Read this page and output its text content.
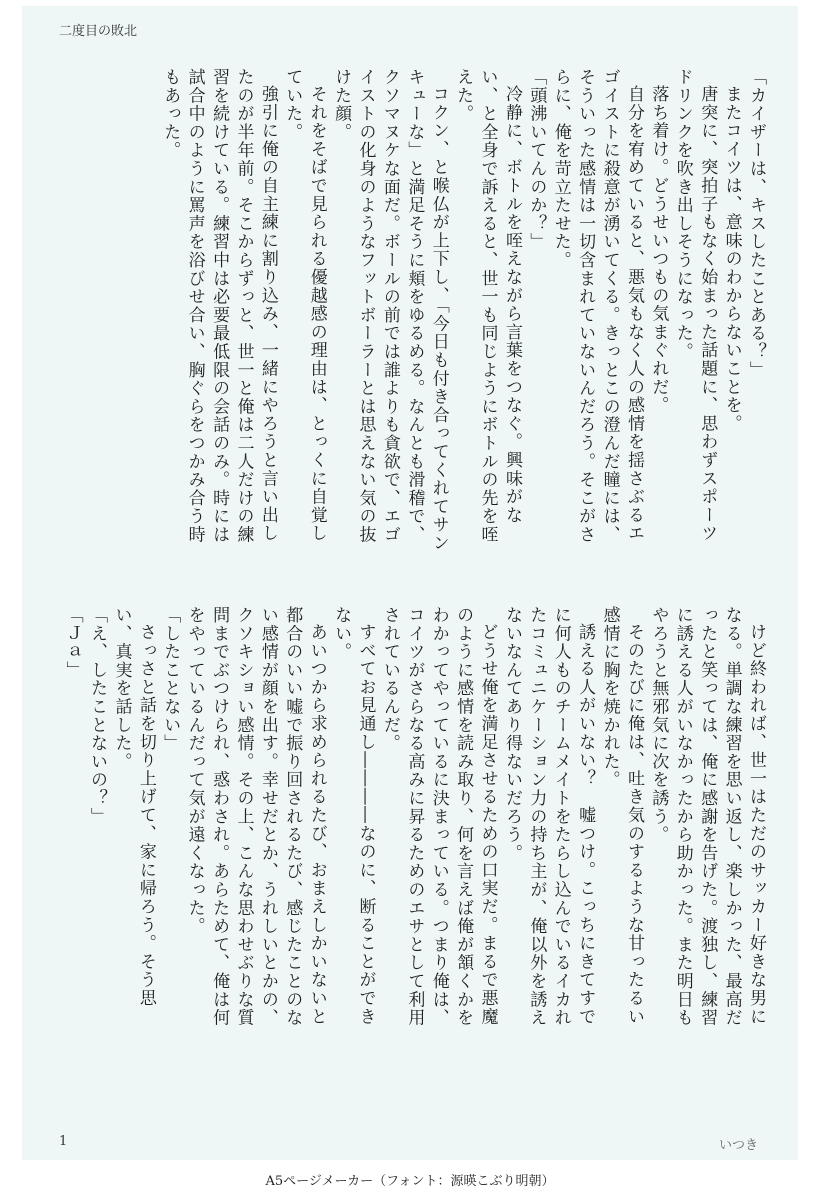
二度目の敗北

「カイザーは、キスしたことある？」

またコイツは、意味のわからないことを。

唐突に、突拍子もなく始まった話題に、思わずスポーツドリンクを吹き出しそうになった。

落ち着け。どうせいつもの気まぐれだ。

自分を宥めていると、悪気もなく人の感情を揺さぶるエゴイストに殺意が湧いてくる。きっとこの澄んだ瞳には、そういった感情は一切含まれていないんだろう。そこがさらに、俺を苛立たせた。

「頭沸いてんのか？」

冷静に、ボトルを咥えながら言葉をつなぐ。興味がない、と全身で訴えると、世一も同じようにボトルの先を咥えた。

コクン、と喉仏が上下し、「今日も付き合ってくれてサンキューな」と満足そうに頬をゆるめる。なんとも滑稽で、クソマヌケな面だ。ボールの前では誰よりも貪欲で、エゴイストの化身のようなフットボーラーとは思えない気の抜けた顔。

それをそばで見られる優越感の理由は、とっくに自覚していた。

強引に俺の自主練に割り込み、一緒にやろうと言い出したのが半年前。そこからずっと、世一と俺は二人だけの練習を続けている。練習中は必要最低限の会話のみ。時には試合中のように罵声を浴びせ合い、胸ぐらをつかみ合う時もあった。

けど終われば、世一はただのサッカー好きな男になる。単調な練習を思い返し、楽しかった、最高だったと笑っては、俺に感謝を告げた。渡独し、練習に誘える人がいなかったから助かった。また明日もやろうと無邪気に次を誘う。

そのたびに俺は、吐き気のするような甘ったるい感情に胸を焼かれた。

誘える人がいない？　嘘つけ。こっちにきてすでに何人ものチームメイトをたらし込んでいるイカれたコミュニケーション力の持ち主が、俺以外を誘えないなんてあり得ないだろう。

どうせ俺を満足させるための口実だ。まるで悪魔のように感情を読み取り、何を言えば俺が頷くかをわかってやっているに決まっている。つまり俺は、コイツがさらなる高みに昇るためのエサとして利用されているんだ。

すべてお見通し――――なのに、断ることができない。

あいつから求められるたび、おまえしかいないと都合のいい嘘で振り回されるたび、感じたことのない感情が顔を出す。幸せだとか、うれしいとかの、クソキショい感情。その上、こんな思わせぶりな質問までぶつけられ、惑わされ。あらためて、俺は何をやっているんだって気が遠くなった。

「したことない」

さっさと話を切り上げて、家に帰ろう。そう思い、真実を話した。

「え、したことないの？」

「Ｊａ」

1	いつき
A5ページメーカー（フォント：源暎こぶり明朝）
